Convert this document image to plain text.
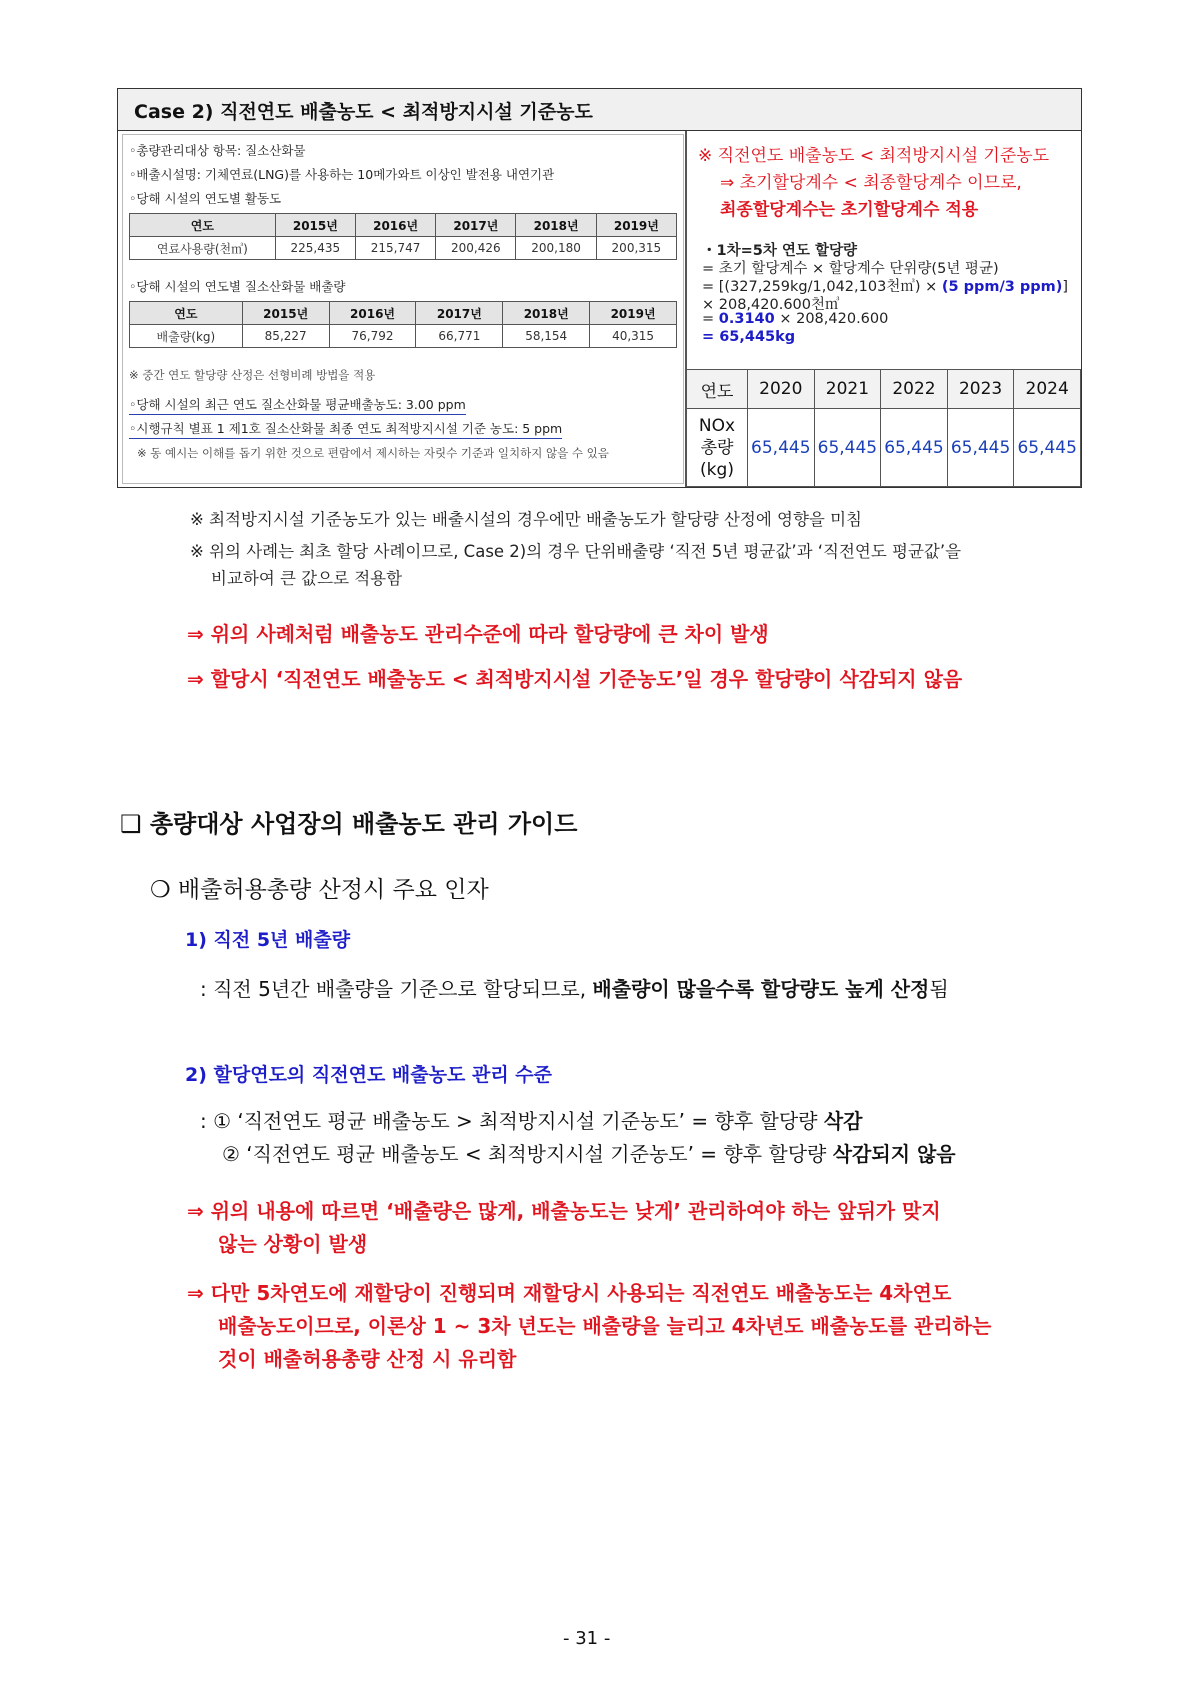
Case 2) 직전연도 배출농도 < 최적방지시설 기준농도
◦총량관리대상 항목: 질소산화물
◦배출시설명: 기체연료(LNG)를 사용하는 10메가와트 이상인 발전용 내연기관
◦당해 시설의 연도별 활동도
연도	2015년	2016년	2017년	2018년	2019년
연료사용량(천㎥)	225,435	215,747	200,426	200,180	200,315
◦당해 시설의 연도별 질소산화물 배출량
연도	2015년	2016년	2017년	2018년	2019년
배출량(kg)	85,227	76,792	66,771	58,154	40,315
※ 중간 연도 할당량 산정은 선형비례 방법을 적용
◦당해 시설의 최근 연도 질소산화물 평균배출농도: 3.00 ppm
◦시행규칙 별표 1 제1호 질소산화물 최종 연도 최적방지시설 기준 농도: 5 ppm
※ 동 예시는 이해를 돕기 위한 것으로 편람에서 제시하는 자릿수 기준과 일치하지 않을 수 있음
※ 직전연도 배출농도 < 최적방지시설 기준농도
⇒ 초기할당계수 < 최종할당계수 이므로,
최종할당계수는 초기할당계수 적용
・1차=5차 연도 할당량
= 초기 할당계수 × 할당계수 단위량(5년 평균)
= [(327,259kg/1,042,103천㎥) × (5 ppm/3 ppm)]
× 208,420.600천㎥
= 0.3140 × 208,420.600
= 65,445kg
연도	2020	2021	2022	2023	2024

NOx
총량
(kg)	65,445	65,445	65,445	65,445	65,445
※ 최적방지시설 기준농도가 있는 배출시설의 경우에만 배출농도가 할당량 산정에 영향을 미침
※ 위의 사례는 최초 할당 사례이므로, Case 2)의 경우 단위배출량 ‘직전 5년 평균값’과 ‘직전연도 평균값’을
비교하여 큰 값으로 적용함
⇒ 위의 사례처럼 배출농도 관리수준에 따라 할당량에 큰 차이 발생
⇒ 할당시 ‘직전연도 배출농도 < 최적방지시설 기준농도’일 경우 할당량이 삭감되지 않음
❑ 총량대상 사업장의 배출농도 관리 가이드
❍ 배출허용총량 산정시 주요 인자
1) 직전 5년 배출량
: 직전 5년간 배출량을 기준으로 할당되므로, 배출량이 많을수록 할당량도 높게 산정됨
2) 할당연도의 직전연도 배출농도 관리 수준
: ① ‘직전연도 평균 배출농도 > 최적방지시설 기준농도’ = 향후 할당량 삭감
② ‘직전연도 평균 배출농도 < 최적방지시설 기준농도’ = 향후 할당량 삭감되지 않음
⇒ 위의 내용에 따르면 ‘배출량은 많게, 배출농도는 낮게’ 관리하여야 하는 앞뒤가 맞지
않는 상황이 발생
⇒ 다만 5차연도에 재할당이 진행되며 재할당시 사용되는 직전연도 배출농도는 4차연도
배출농도이므로, 이론상 1 ~ 3차 년도는 배출량을 늘리고 4차년도 배출농도를 관리하는
것이 배출허용총량 산정 시 유리함
- 31 -
